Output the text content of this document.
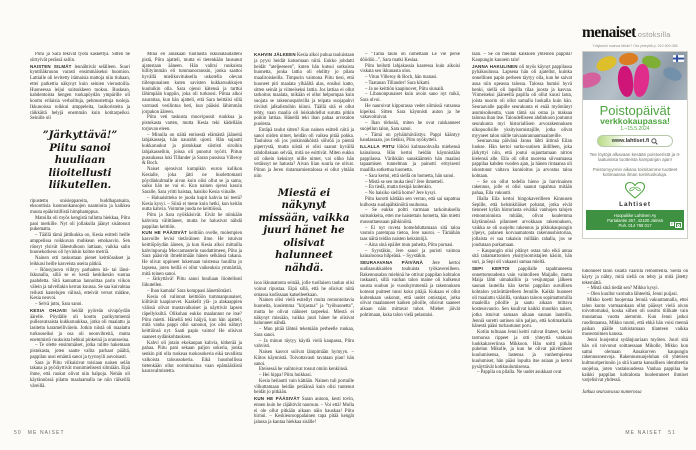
Piitu ja Sara tekivät työtä käskettyä. Sitten he siirtyivät perässä saliin.

NAISTEN SILMÄT lennähtivät selälleen. Suuri kynttiläkruunu varasti ensimmäiseksi huomion. Lattialle oli levitetty itämaisia mattoja niin tiuhaan, ettei parkettia näkynyt kuin seinien vierustoilla. Huoneessa leijui suitsukkeen tuoksu. Ruskean, kahdentoista hengen ruokapöydän ympärille oli koottu erilaisia verhoiltuja, pehmustettuja tuoleja. Ikkunoissa roikkui amppeleita, lasikoristeita ja räikkäitä helyjä enemmän kuin kotitarpeiksi. Seinille oli

”Järkyttävä!” Piitu sanoi huuliaan liioitellusti liikutellen.

ripustettu unisieppareita, buddhapatsaita, eksoottisia luonnonkansojen naamioita ja kaikkea muuta epäkristillistä himphamppua.

Matoilla oli myös kengistä tullutta hiekkaa, Piitu pani merkille. Nyt oli jollakulla jäänyt sisätossut pukematta.

– Täällä tämä jättikukka on, Kesia esitteli heille amppelissa roikkuvan muhkean emokasvin. Sen rönsyt ylsivät lähestulkoon lattiaan, vaikka salin huonekorkeus oli hyvinkin kolme metriä.

Nainen otti taskustaan pienet keittiösakset ja leikkasi heille kasveista useita pätkiä.

– Rönsyjuova viihtyy parhaiten itä- tai länsi-ikkunalla, sillä se ei kestä keskikesän suoraa paahdetta. Sitä kannattaa lannoittaa parin viikon välein ja talvellakin kerran kuussa. Se saa kuivahtaa reilusti kastelujen välissä, etteivät versot mätäne, Kesia neuvoi.

– Selvä juttu, Sara sanoi.

KESIA OHJASI heidät pyöreän sivupöydän äärelle. Pöydälle oli koottu parikymmentä pulleavatsaista kukkaruukkua, jotka oli maalattu ja lasitettu karamellivärein. Jotkin niistä oli maalattu turkooseiksi ja osa oli neonvihreitä, mutta enemmistö ruukuista hehkui pinkeinä ja oransseina.

– Te olette ensimmäiset, jotka tulitte hakemaan pistokasta, joten saatte valita parhaat päältä, pappilan uusi emäntä sanoi ja tyynnyili auvoisasti.

Sara ja Piitu vilkaisivat toisiaan naisen selän takana ja pyöräyttivät monimielisesti silmiään. Eipä ihme, että ruukut olivat niin halpoja. Nehän oli käytännössä pilattu maalaamalla ne niin räikeillä väreillä.

Minä en ainakaan tuollaista ikkunalaudalleni pistä, Piitu ajatteli, mutta ei tietenkään lausunut ajatustaan ääneen. Hän valitsi ruukuista hillityimmän eli tummanoranssin, jonka saattoi hyvällä mielikuvituksella uskotella olevan tiilenpunainen kuten savisten kukkaruukkujen kuuluikin olla. Sara ojensi kätensä ja tarttui lähimpään kuppiin, joka oli turkoosi. Piitua alkoi naurattaa, kun hän ajatteli, että Sara heittäisi sillä varmasti vesilintua heti, kun pääsisi lähimmän jorpakon ääreen.

Piitu veti taskusta muovipussit ruukkua ja pistokasta varten, mutta Kesia teki kädellään torjuvan eleen.

– Minulla on näitä entisestä elämästä jääneitä lahjakasseja, hän naurahti ujosti. Hän sujautti kukkaruukut ja pistokkaat siististi siroihin lahjakasseihin, joissa oli punotut nyörit. Piitun pussukassa luki Tillander ja Saran pussissa Villeroy & Boch.

Naiset ojensivat kumpikin euron kolikon Kesialle, joka jätti ne huolettomasti pöydänkulmalle aivan kuin olisi ollut se ja sama, saiko hän ne vai ei. Kun nainen ojensi kassin Saralle, Sara yritti haistaa, haisiko Kesia viinalle.

– Haluaisitteko te juoda kupit kahvia tai teetä? Kesia kysyi. – Siinä ei mene kuin hetki, kun keitän uutta kahvia. Voimme juoda ne keittiössä.

Piitu ja Sara nyökkäsivät. Eivät he niinkään kahvista välittäneet, mutta he halusivat nähdä pappilan keittiön.

KUN HE PÄÄSIVÄT keittiön ovelle, molempien kasvoille levisi tietäväinen ilme. He istuivat keittiöpöydän ääreen, ja kun Kesia alkoi mittailla kahvinpuruja Moccamasterin suodattimeen, Piitu ja Sara pääsivät ilmehtimään hänen selkänsä takana. He olivat oppineet lukemaan toistensa huulilta jo lapsena, joten heillä ei ollut vaikeuksia ymmärtää, mitä toinen sanoi.

– Järkyttävä! Piitu sanoi huuliaan liioitellusti liikutellen.

– Ihan kamala! Sara komppasi äänettömästi.

Kesia oli valinnut keittiöön tummanpunaiset, kiiltävät kaapinovet. Kaakelit ylä- ja alakaappien välissä olivat mustavalkoiset ja näyttivät lapsen räpellyksiltä. Olikohan eukko maalannut ne itse? Piitu mietti. Hänellä teki häijyä, kun hän ajatteli, mitä vanha pappi olisi sanonut, jos olisi nähnyt keittiönsä nyt. Saati papin vaimo! He olisivat saaneet sydänkohtauksen.

Kahvi oli jotain ekokaupan kahvia, kitkerää ja pahaa. Piitu pani sekaan paljon sokeria, jonka senkin piti olla ruskeaa ruokosokeria eikä tavallista valkoista taloussokeria. Eikä huushollissa tietenkään ollut normimaitoa vaan epämääräistä kauravalmistetta.

KAHVIN JÄLKEEN Kesia alkoi puhua tauluistaan ja pyysi heidät katsomaan niitä. Eukko johdatti heidät ”ateljeeseen”, kuten hän kutsui sotkuista huonetta, jonka lattia oli ehditty jo pilata maaliroiskeilla. Timpurin vaimona Piitu tiesi, että huoneet piti maalata ylhäältä alas, ensiksi katto, sitten seinät ja viimeiseksi lattia. Jos lattiaa ei ollut tarkoitus maalata, mikään ei ollut helpompaa kuin suojata se rakennuspahvilla ja teipata suojapahvi tiiviisti jalkalistoihin kiinni. Täällä sitä ei ollut tehty, vaan maalia oli loiskahdellut surutta pitkin poikin lattiaa. Hänellä teki ihan pahaa arvotalon puolesta.

Entäpä taulut sitten? Kun nainen esitteli niitä ja sanoi niiden nimet, heidän oli vaikea pitää pokka. Tauluissa oli jos jonkinnäköistä söhröä ja pientä piperrystä, mutta niistä ei olisi saanut hyvällä tahdollakaan selvää, mitä ne esittivät. Miten eukko oli oikein keksinyt niille nimet, vai oliko hän vetäissyt ne hatusta? Aivan liian suuria ne olivat. Piitun ja Jeren rintamamiestalossa ei ollut yhtään niin

Miestä ei näkynyt missään, vaikka juuri hänet he olisivat halunneet nähdä.

isoa ikkunatonta seinää, jolle tuollaisen taulun olisi voinut ripustaa. Eipä sillä, että he olisivat niitä omassa kodissaan katselleetkaan.

Nainen olisi vielä esitellyt muita remontoitavia huoneita, kuulemma ”kirjastoa” ja ”työhuonetta”, mutta he olivat nähneet tarpeeksi. Miestä ei näkynyt missään, vaikka juuri hänet he olisivat halunneet nähdä.

– Mun pitää lähteä tekemään perheelle ruokaa, Sara sanoi.

– Ja minun täytyy käydä vielä kaupassa, Piitu vahvisti.

Naisen kasvot sulivat lämpimään hymyyn. – Kiitos käynnistä. Toivottavasti tavataan pian! hän sanoi.

Eteisessä he vaihtoivat tossut omiin kenkiinsä.

– Hei hippa! Piitu huikkasi.

Kesia heilautti vain kättään. Nainen tuli portaille vilkuttamaan heidän peräänsä kuin olisi tuntenut heidät jo pitkään.

KUN HE PÄÄSIVÄT Saran autoon, kesti tovin, ennen kuin he räjähtivät nauruun. – Voi että! Mulla ei ole ollut pitkään aikaan näin hauskaa! Piitu hirnui. – Keskieurooppalainen tapa pitää kengät jalassa ja kantaa hiekkaa sisälle!

50 ME NAISET

– ”Tämä taulu on nimeltään Le vie perse döödöö...”, Sara matki Kesiaa.

Piitu heilutti lahjakassia kaaressa kuin aikoisi viskata sen ikkunasta ulos.

– Vitun Villeroy & Boch, hän manasi.

– Taatanan Tillander! Sara kikatti.

– Ja ne keittiön kaapinovet, Piitu siunaili.

– Libanonpunaiset kuin avoin sano nyt mikä, Sara ulvoi.

He nauroivat kippurassa vedet silmissä vatsansa kipeiksi. Sitten Sara käynnisti auton ja he vakavoituivat.

– Ihan törkeää, miten he ovat raiskanneet suojellun talon, Sara sanoi.

– Tämä on pyhäinhäväistys. Pappi kääntyy haudassaan, jos tietäisi, Piitu nyökytteli.

ILLALLA PIITU löhösi kulmasohvalla miehensä kainalossa. Hän kertoi heidän käynnistään pappilassa. Värikkäin sanakääntein hän maalasi tapaamisen tunnelman ja painotti erityisesti maalilla sotkettua huonetta.

– Sara kertoi, että siellä on hometta, hän sanoi.

– Mistä se sen muka tiesi? Jere ihmetteli.

– En tiedä, mutta tiesipä kuitenkin.

– No haisiko siellä home? Jere kysyi.

Piitu kurotti kättään sen verran, että sai napattua kulhosta suolapähkinöitä suuhunsa.

– Se eukko poltti varmaan tarkoituksella suitsukkeita, ettei me haistettais hometta, hän mietti mussuttaessaan pähkinöitä.

– Ei nyt ruveta homehduttamaan sitä taloa vastoin parempaa tietoa, Jere nauroi. – Tämähän taas näitä teidän naisten keksintöjä.

– Aina sinä epäilet mun puheita, Piitu purnasi.

– Syystäkin, Jere sanoi ja puristi vaimoa kainaloonsa hilpeänä. – Syystäkin.

SEURAAVANA PÄIVÄNÄ Jere kertoi uudisasukkaiden touhuista työkavereilleen. Rakennusalan miehinä he ottivat pappilan kohtalon raskaasti, sillä vanhan talon maine oli kulkenut suusta suuhun jo vuosikymmeniä ja rakennuksen komeat puitteet tunsi koko pitäjä. Kukaan ei ollut kuitenkaan uskonut, että uudet omistajat, jotka olivat maalanneet kaiken piloille, olisivat saaneet aikaan näin mittavat tuhot. Miehet jäivät pohtimaan, kuka talon vielä pelastaisi.

taan. – Se on meidän kaikkien yhteinen pappila! Kaupungin kaunein talo!

JANNA HAKULINEN oli myös käynyt pappilassa pyhäkoulussa. Lapsena hän oli ajatellut, kuinka onnellinen papin perheen täytyy olla, kun he saivat asua niin upeassa talossa. Talossa humisi hyvä henki, siellä oli lapsilla tilaa juosta ja kasvaa. Viimeiseksi jääneellä papilla oli ollut kuusi lasta, joista nuorin oli ollut samalla luokalla kuin hän. Seuraavalle papille seurakunta ei enää myöntänyt asumisoikeutta, vaan tämä sai ostaa ja maksaa talonsa ihan itse. Taloudelliseen ahdinkoon joutunut seurakunta myi historiallisen arvorakennuksen ulkopuolisille yksityisomistajille, jotka olivat myyneet talon näille taivaanrannanmaalareille.

Seuraavana päivänä Janna lähti äitinsä Eilan luokse. Hän kertoi surku-uutisen äidilleen, joka järkyttyi niin, että joutui sujauttamaan nitron kielensä alle. Eila oli ollut nuorena siivoamassa pappilaa kahden vuoden ajan, ja hänen rintaansa oli iskostunut valtava kunnioitus ja arvostus taloa kohtaan.

– Se on ollut todella hieno ja harvinainen rakennus, jolle ei olisi saanut tapahtua mitään pahaa, Eila vakuutti.

Illalla Eila kertoi bingokaverilleen Kinnusen Sepille, että helsinkiläiset pohatat, jotka eivät tienneet kylän historiasta eivätkä vanhojen talojen remontoinnista mitään, olivat kuulemma käytännössä pilanneet arvokkaan rakennuksen, vaikka se oli suojeltu rakennus ja pikkukaupungin ylpeys, palanen korvaamatonta rakennushistoriaa, jollaista ei saa takaisin millään rahalla, jos se joudutaan purkamaan.

– Kaupungin olisi pitänyt ostaa talo eikä antaa sitä taitamattomien yksityisomistajien käsiin, hän suri, ja Sepi oli vakaasti samaa mieltä.

SEPI KERTOI pappilalle tapahtuneesta onnettomuudesta vain vaimolleen Maijalle, mutta Maija lähti uimahalliin ja vesijumpan jälkeen saunan lauteilla hän kertoi pappilan surullisen kohtalon ystävättärelleen Jennille. Kaikki huoneet oli maalattu väärillä, vanhaan taloon sopimattomilla maaleilla piloille ja saatu aikaan mittava kosteusvaurio. Sen kuulivat kaikki muutkin naiset, jotka istuivat samaan aikaan saunan lauteilla. Jenniä suretti uutinen niin paljon, että kotimatkalla hänestä pääsi turhautunut poru.

Kotiin tultuaan Jenni keitti vahvat iltateet, keräsi tarmonsa rippeet ja otti yhteyttä vanhaan luokkakaveriinsa Mikkoon. Hän soitti pitkän puhelun Mikolle, ja kun he olivat päivittäneet kuulumisensa, lastensa ja vanhempiensa kuulumiset, hän pääsi lopulta itse asiaan ja kertoi pysäyttävät kotikuulumisensa.

– Pappila on pilalla. Ne uudet asukkaat ovat

menaiset ostoksilla
Yrityksesi mainos tähän? Ota yhteyttä p. 010 600 085
Poistopäivät
verkkokaupassa!
1.–15.5.2024
www.lahtiset.fi
Tee löytöjä alkavaan kesään poistoeristä ja II-laatuisista tuotteista kampanjan ajan!
Poistomyynnin aikana toimitamme tuotteet kotimaassa ilman toimituskuluja.
Lahtiset
Huopaliike Lahtinen Ay
Partalantie 267, 42100 Jämsä
Puh. 014 768 017	f

tuhonneet talon sisältä väärillä remonteilla. Siellä on käyty ja nähty, mitä siellä on tehty ja mitä jätetty tekemättä.

– Mistä sinä tiedät sen? Mikko kysyi.

– Olen kuullut varmalta lähteeltä, Jenni puijasi.

Mikko koetti huojentaa Jenniä vakuuttamalla, ettei talon kunto varmaankaan ollut päässyt vielä aivan toivottomaksi, koska siihen oli uusittu tiilikate vain muutamaa vuotta aiemmin. Kun Jenni jatkoi ruodintaansa, Mikko tuumi, että ehkä hän voisi mennä paikan päälle tarkistamaan tilanteen vaikka museotoimen kanssa.

Jenni huojentui sydänjuuriaan myöten. Juuri sitä hän oli toivonut soittaessaan Mikolle, Mikko kun sattui olemaan Ansakorven kaupungin rakennusneuvoja. Rakennussuojeluhan oli yhteisen kulttuuriperinnön ja sitä kautta kansallisen identiteetin suojelua, joten vastaisuudessa Vanhaa pappilaa he kaikki pappilan kohtalosta huolestuneet ihmiset varjelisivat yhdessä.

Jatkuu seuraavassa numerossa

ME NAISET 51
